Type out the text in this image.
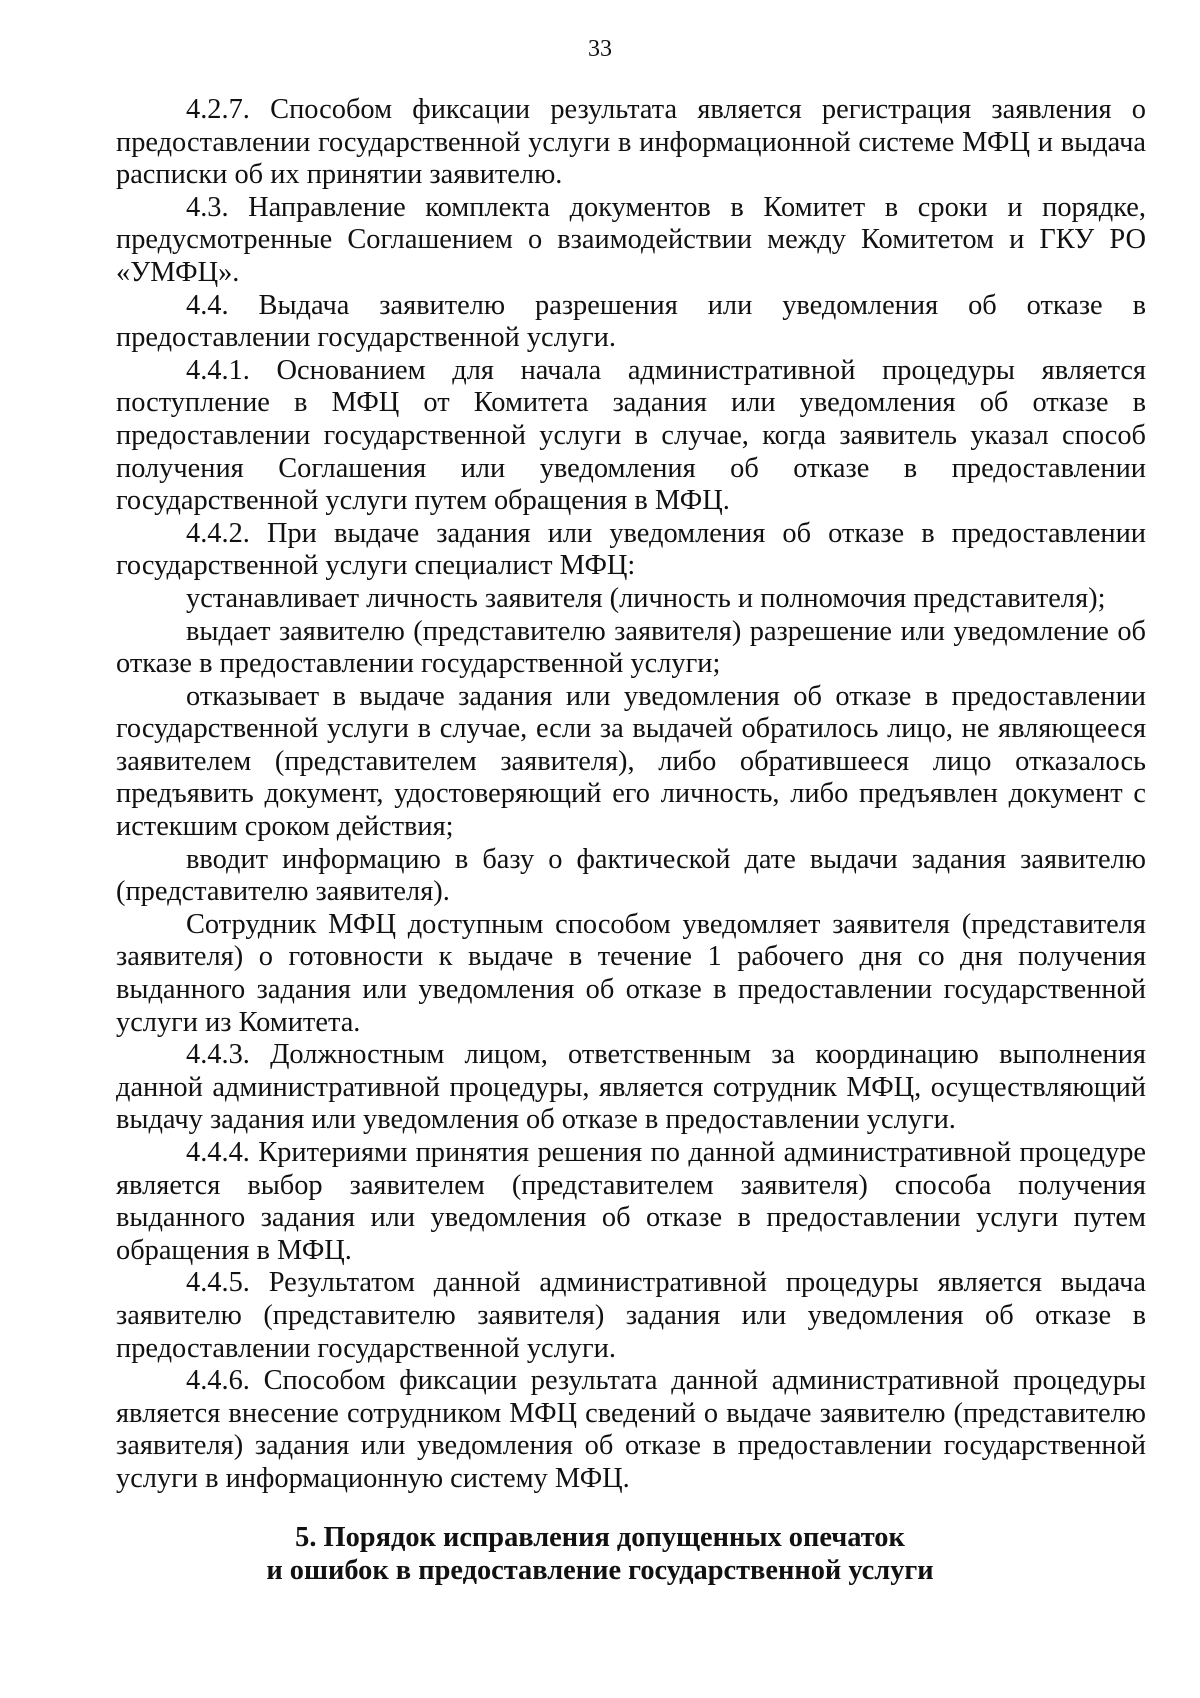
33

4.2.7. Способом фиксации результата является регистрация заявления о предоставлении государственной услуги в информационной системе МФЦ и выдача расписки об их принятии заявителю.

4.3. Направление комплекта документов в Комитет в сроки и порядке, предусмотренные Соглашением о взаимодействии между Комитетом и ГКУ РО «УМФЦ».

4.4. Выдача заявителю разрешения или уведомления об отказе в предоставлении государственной услуги.

4.4.1. Основанием для начала административной процедуры является поступление в МФЦ от Комитета задания или уведомления об отказе в предоставлении государственной услуги в случае, когда заявитель указал способ получения Соглашения или уведомления об отказе в предоставлении государственной услуги путем обращения в МФЦ.

4.4.2. При выдаче задания или уведомления об отказе в предоставлении государственной услуги специалист МФЦ:

устанавливает личность заявителя (личность и полномочия представителя);

выдает заявителю (представителю заявителя) разрешение или уведомление об отказе в предоставлении государственной услуги;

отказывает в выдаче задания или уведомления об отказе в предоставлении государственной услуги в случае, если за выдачей обратилось лицо, не являющееся заявителем (представителем заявителя), либо обратившееся лицо отказалось предъявить документ, удостоверяющий его личность, либо предъявлен документ с истекшим сроком действия;

вводит информацию в базу о фактической дате выдачи задания заявителю (представителю заявителя).

Сотрудник МФЦ доступным способом уведомляет заявителя (представителя заявителя) о готовности к выдаче в течение 1 рабочего дня со дня получения выданного задания или уведомления об отказе в предоставлении государственной услуги из Комитета.

4.4.3. Должностным лицом, ответственным за координацию выполнения данной административной процедуры, является сотрудник МФЦ, осуществляющий выдачу задания или уведомления об отказе в предоставлении услуги.

4.4.4. Критериями принятия решения по данной административной процедуре является выбор заявителем (представителем заявителя) способа получения выданного задания или уведомления об отказе в предоставлении услуги путем обращения в МФЦ.

4.4.5. Результатом данной административной процедуры является выдача заявителю (представителю заявителя) задания или уведомления об отказе в предоставлении государственной услуги.

4.4.6. Способом фиксации результата данной административной процедуры является внесение сотрудником МФЦ сведений о выдаче заявителю (представителю заявителя) задания или уведомления об отказе в предоставлении государственной услуги в информационную систему МФЦ.

5. Порядок исправления допущенных опечаток
и ошибок в предоставление государственной услуги
